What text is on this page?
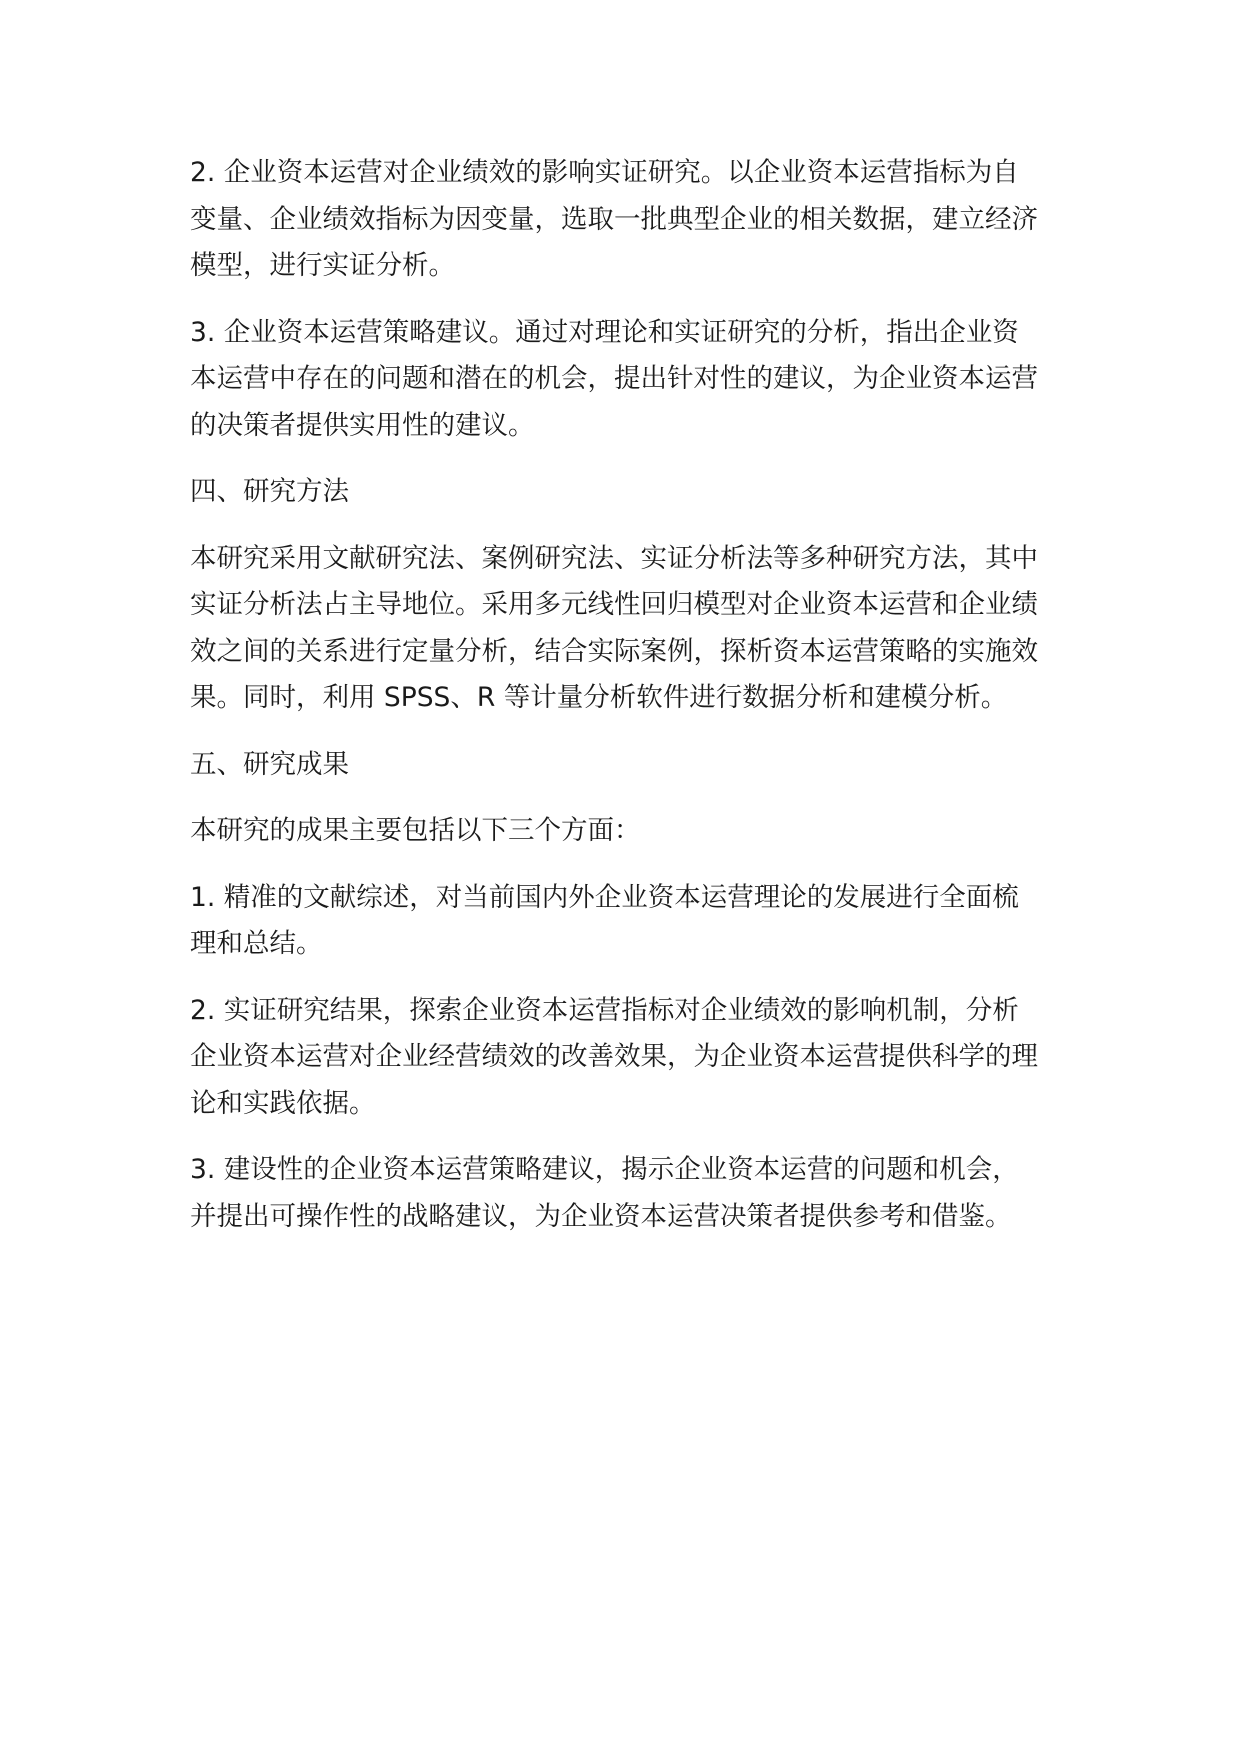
2. 企业资本运营对企业绩效的影响实证研究。以企业资本运营指标为自变量、企业绩效指标为因变量，选取一批典型企业的相关数据，建立经济模型，进行实证分析。

3. 企业资本运营策略建议。通过对理论和实证研究的分析，指出企业资本运营中存在的问题和潜在的机会，提出针对性的建议，为企业资本运营的决策者提供实用性的建议。

四、研究方法

本研究采用文献研究法、案例研究法、实证分析法等多种研究方法，其中实证分析法占主导地位。采用多元线性回归模型对企业资本运营和企业绩效之间的关系进行定量分析，结合实际案例，探析资本运营策略的实施效果。同时，利用 SPSS、R 等计量分析软件进行数据分析和建模分析。

五、研究成果

本研究的成果主要包括以下三个方面：

1. 精准的文献综述，对当前国内外企业资本运营理论的发展进行全面梳理和总结。

2. 实证研究结果，探索企业资本运营指标对企业绩效的影响机制，分析企业资本运营对企业经营绩效的改善效果，为企业资本运营提供科学的理论和实践依据。

3. 建设性的企业资本运营策略建议，揭示企业资本运营的问题和机会，并提出可操作性的战略建议，为企业资本运营决策者提供参考和借鉴。
